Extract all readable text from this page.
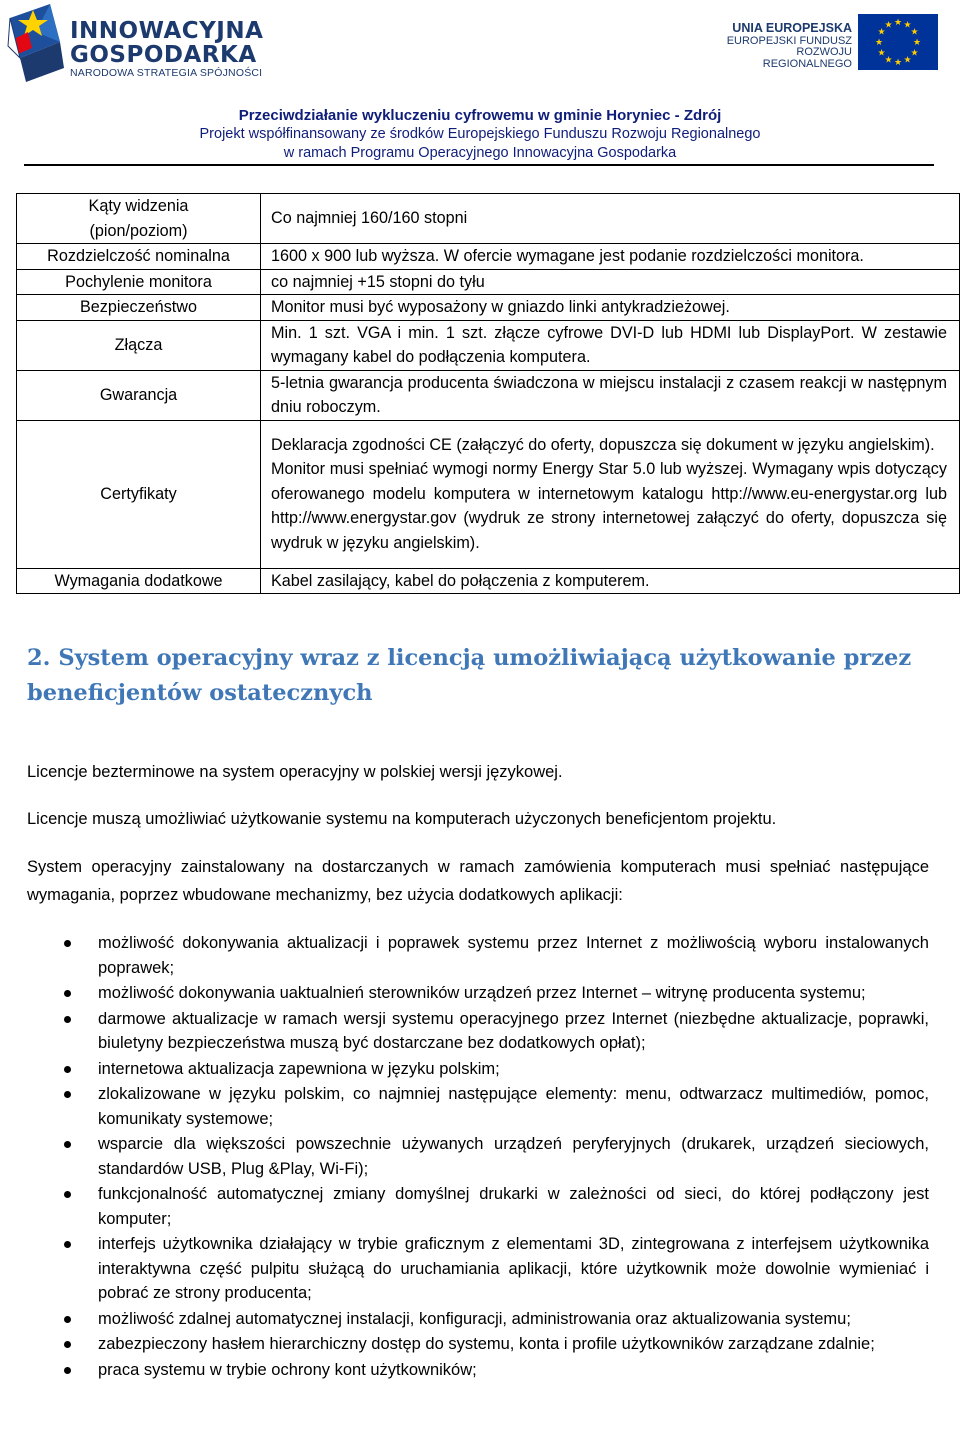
INNOWACYJNA
GOSPODARKA
NARODOWA STRATEGIA SPÓJNOŚCI
UNIA EUROPEJSKA
EUROPEJSKI FUNDUSZ
ROZWOJU REGIONALNEGO
★ ★
★
★
★
★
★
★
★
★
★
★
Przeciwdziałanie wykluczeniu cyfrowemu w gminie Horyniec - Zdrój
Projekt współfinansowany ze środków Europejskiego Funduszu Rozwoju Regionalnego
w ramach Programu Operacyjnego Innowacyjna Gospodarka
Kąty widzenia
(pion/poziom)	Co najmniej 160/160 stopni
Rozdzielczość nominalna	1600 x 900 lub wyższa. W ofercie wymagane jest podanie rozdzielczości monitora.
Pochylenie monitora	co najmniej +15 stopni do tyłu
Bezpieczeństwo	Monitor musi być wyposażony w gniazdo linki antykradzieżowej.
Złącza	Min. 1 szt. VGA i min. 1 szt. złącze cyfrowe DVI-D lub HDMI lub DisplayPort. W zestawie wymagany kabel do podłączenia komputera.
Gwarancja	5-letnia gwarancja producenta świadczona w miejscu instalacji z czasem reakcji w następnym dniu roboczym.
Certyfikaty	Deklaracja zgodności CE (załączyć do oferty, dopuszcza się dokument w języku angielskim).
Monitor musi spełniać wymogi normy Energy Star 5.0 lub wyższej. Wymagany wpis dotyczący oferowanego modelu komputera w internetowym katalogu http://www.eu-energystar.org lub http://www.energystar.gov (wydruk ze strony internetowej załączyć do oferty, dopuszcza się wydruk w języku angielskim).

Wymagania dodatkowe	Kabel zasilający, kabel do połączenia z komputerem.
2. System operacyjny wraz z licencją umożliwiającą użytkowanie przez beneficjentów ostatecznych

Licencje bezterminowe na system operacyjny w polskiej wersji językowej.

Licencje muszą umożliwiać użytkowanie systemu na komputerach użyczonych beneficjentom projektu.

System operacyjny zainstalowany na dostarczanych w ramach zamówienia komputerach musi spełniać następujące wymagania, poprzez wbudowane mechanizmy, bez użycia dodatkowych aplikacji:

możliwość dokonywania aktualizacji i poprawek systemu przez Internet z możliwością wyboru instalowanych poprawek;
możliwość dokonywania uaktualnień sterowników urządzeń przez Internet – witrynę producenta systemu;
darmowe aktualizacje w ramach wersji systemu operacyjnego przez Internet (niezbędne aktualizacje, poprawki, biuletyny bezpieczeństwa muszą być dostarczane bez dodatkowych opłat);
internetowa aktualizacja zapewniona w języku polskim;
zlokalizowane w języku polskim, co najmniej następujące elementy: menu, odtwarzacz multimediów, pomoc, komunikaty systemowe;
wsparcie dla większości powszechnie używanych urządzeń peryferyjnych (drukarek, urządzeń sieciowych, standardów USB, Plug &Play, Wi-Fi);
funkcjonalność automatycznej zmiany domyślnej drukarki w zależności od sieci, do której podłączony jest komputer;
interfejs użytkownika działający w trybie graficznym z elementami 3D, zintegrowana z interfejsem użytkownika interaktywna część pulpitu służącą do uruchamiania aplikacji, które użytkownik może dowolnie wymieniać i pobrać ze strony producenta;
możliwość zdalnej automatycznej instalacji, konfiguracji, administrowania oraz aktualizowania systemu;
zabezpieczony hasłem hierarchiczny dostęp do systemu, konta i profile użytkowników zarządzane zdalnie;
praca systemu w trybie ochrony kont użytkowników;
